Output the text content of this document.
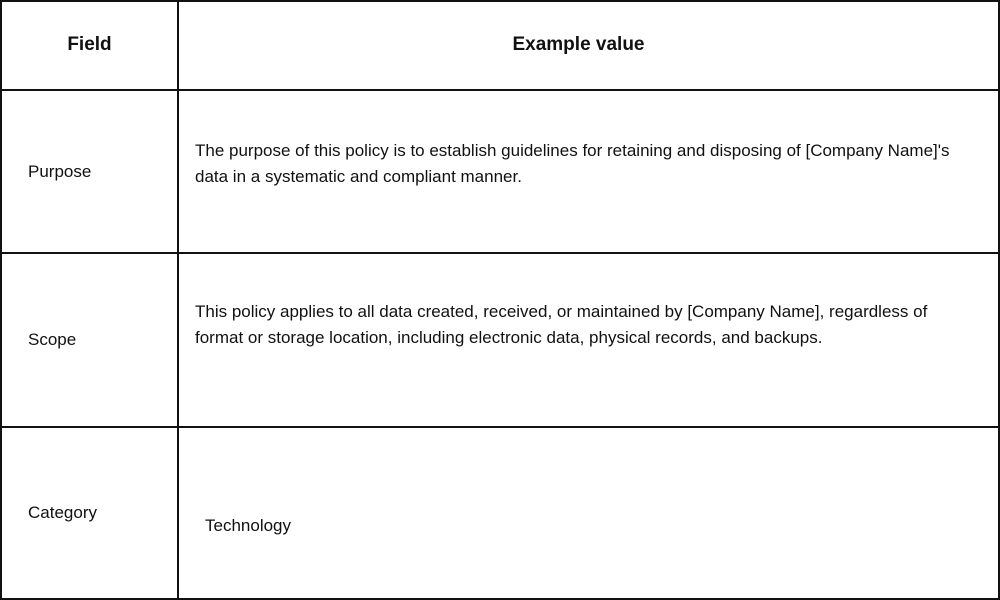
Field	Example value
Purpose
The purpose of this policy is to establish guidelines for retaining and disposing of [Company Name]'s data in a systematic and compliant manner.
Scope
This policy applies to all data created, received, or maintained by [Company Name], regardless of format or storage location, including electronic data, physical records, and backups.
Category
Technology
